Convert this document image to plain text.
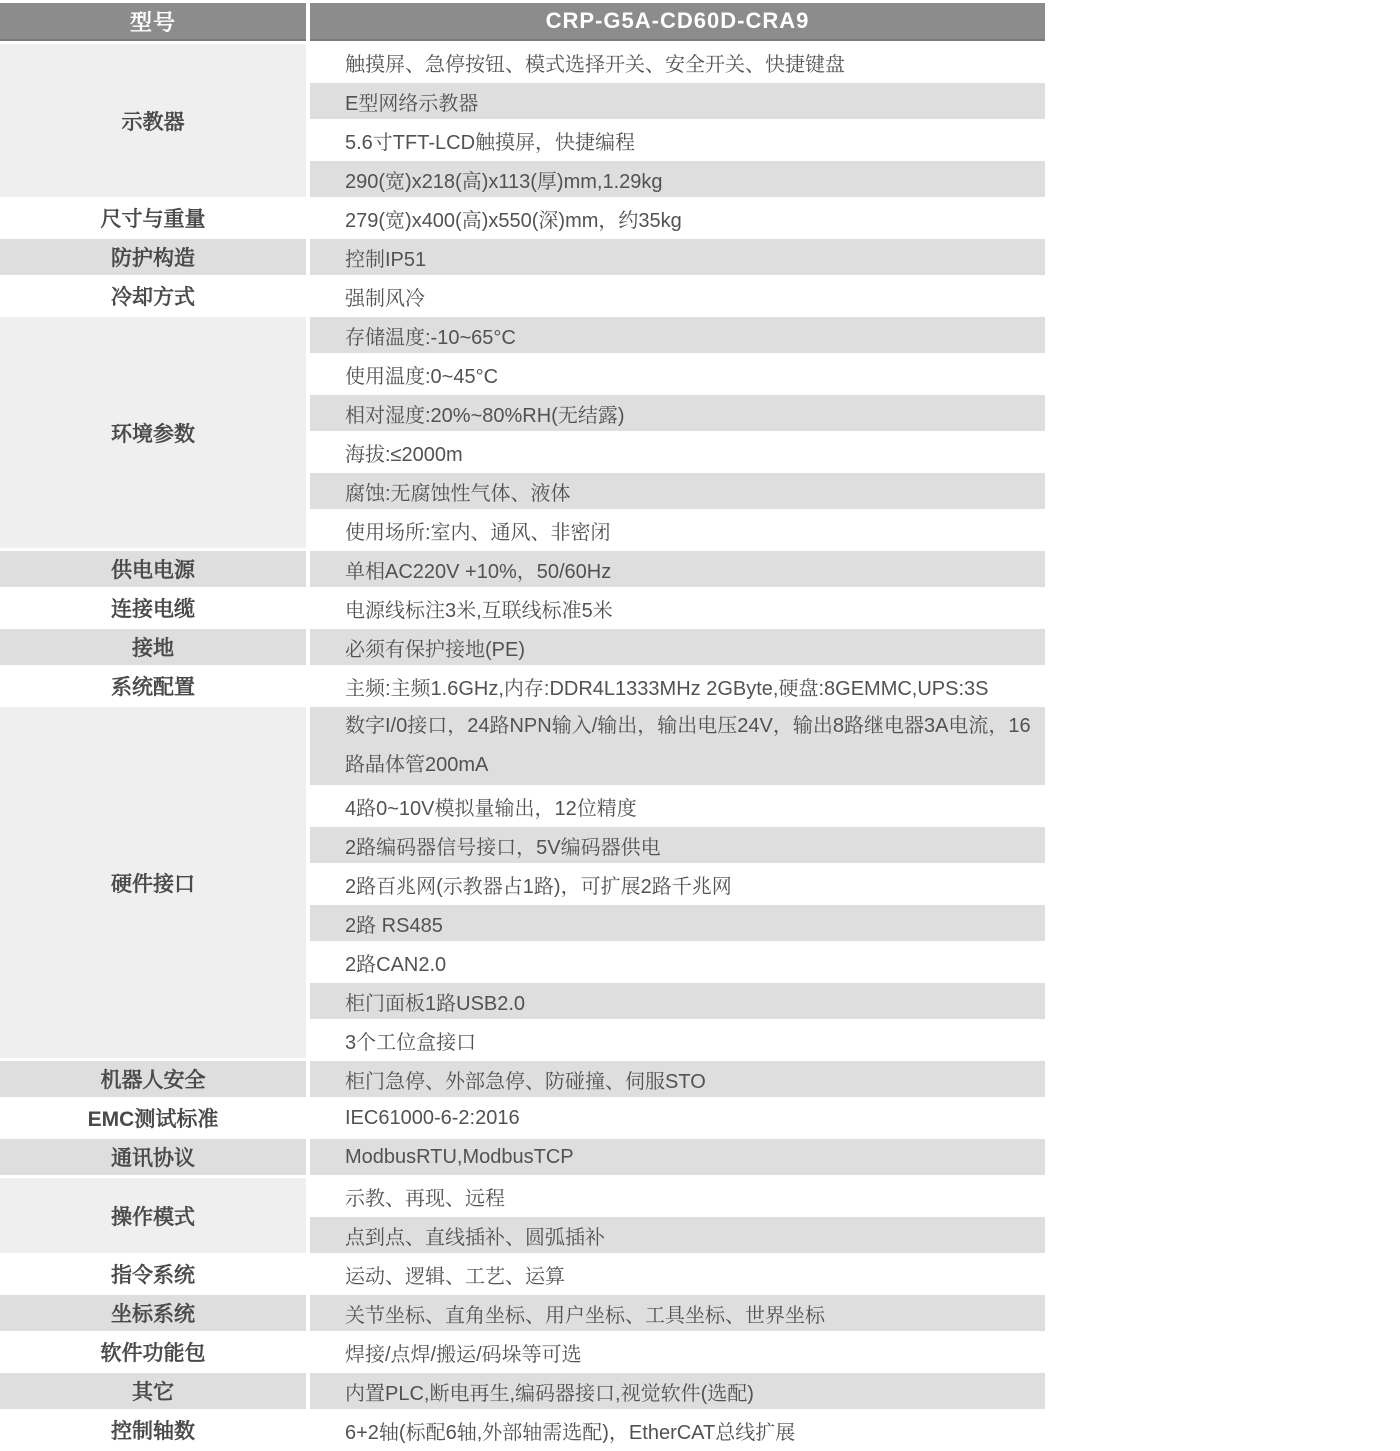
型号	CRP-G5A-CD60D-CRA9
示教器	触摸屏、急停按钮、模式选择开关、安全开关、快捷键盘
	E型网络示教器
	5.6寸TFT-LCD触摸屏，快捷编程
	290(宽)x218(高)x113(厚)mm,1.29kg
尺寸与重量	279(宽)x400(高)x550(深)mm，约35kg
防护构造	控制IP51
冷却方式	强制风冷
环境参数	存储温度:-10~65°C
	使用温度:0~45°C
	相对湿度:20%~80%RH(无结露)
	海拔:≤2000m
	腐蚀:无腐蚀性气体、液体
	使用场所:室内、通风、非密闭
供电电源	单相AC220V +10%，50/60Hz
连接电缆	电源线标注3米,互联线标准5米
接地	必须有保护接地(PE)
系统配置	主频:主频1.6GHz,内存:DDR4L1333MHz 2GByte,硬盘:8GEMMC,UPS:3S
硬件接口	数字I/0接口，24路NPN输入/输出，输出电压24V，输出8路继电器3A电流，16路晶体管200mA
	4路0~10V模拟量输出，12位精度
	2路编码器信号接口，5V编码器供电
	2路百兆网(示教器占1路)，可扩展2路千兆网
	2路 RS485
	2路CAN2.0
	柜门面板1路USB2.0
	3个工位盒接口
机器人安全	柜门急停、外部急停、防碰撞、伺服STO
EMC测试标准	IEC61000-6-2:2016
通讯协议	ModbusRTU,ModbusTCP
操作模式	示教、再现、远程
	点到点、直线插补、圆弧插补
指令系统	运动、逻辑、工艺、运算
坐标系统	关节坐标、直角坐标、用户坐标、工具坐标、世界坐标
软件功能包	焊接/点焊/搬运/码垛等可选
其它	内置PLC,断电再生,编码器接口,视觉软件(选配)
控制轴数	6+2轴(标配6轴,外部轴需选配)，EtherCAT总线扩展
